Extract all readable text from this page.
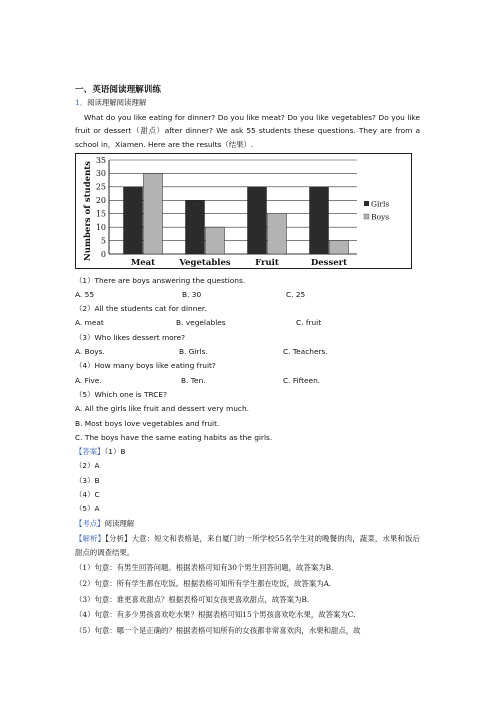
一、英语阅读理解训练
1．阅读理解阅读理解
What do you like eating for dinner? Do you like meat? Do you like vegetables? Do you like fruit or dessert（甜点）after dinner? We ask 55 students these questions. They are from a school in，Xiamen. Here are the results（结果）.
Numbers of students 0
5
10
15
20
25
30
35
Meat	Vegetables	Fruit	Dessert
Girls
Boys
（1）There are boys answering the questions.
A. 55	B. 30	C. 25
（2）All the students cat for dinner.
A. meat	B. vegelables	C. fruit
（3）Who likes dessert more?
A. Boys.	B. Girls.	C. Teachers.
（4）How many boys like eating fruit?
A. Five.	B. Ten.	C. Fifteen.
（5）Which one is TRCE?
A. All the girls like fruit and dessert very much.
B. Most boys love vegetables and fruit.
C. The boys have the same eating habits as the girls.
【答案】（1）B
（2）A
（3）B
（4）C
（5）A
【考点】阅读理解
【解析】【分析】大意：短文和表格是，来自厦门的一所学校55名学生对的晚餐的肉，蔬菜，水果和饭后甜点的调查结果。
（1）句意：有男生回答问题。根据表格可知有30个男生回答问题，故答案为B.
（2）句意：所有学生都在吃饭。根据表格可知所有学生都在吃饭，故答案为A.
（3）句意：谁更喜欢甜点？根据表格可知女孩更喜欢甜点，故答案为B.
（4）句意：有多少男孩喜欢吃水果？根据表格可知15个男孩喜欢吃水果，故答案为C.
（5）句意：哪一个是正确的？根据表格可知所有的女孩都非常喜欢肉，水果和甜点，故
